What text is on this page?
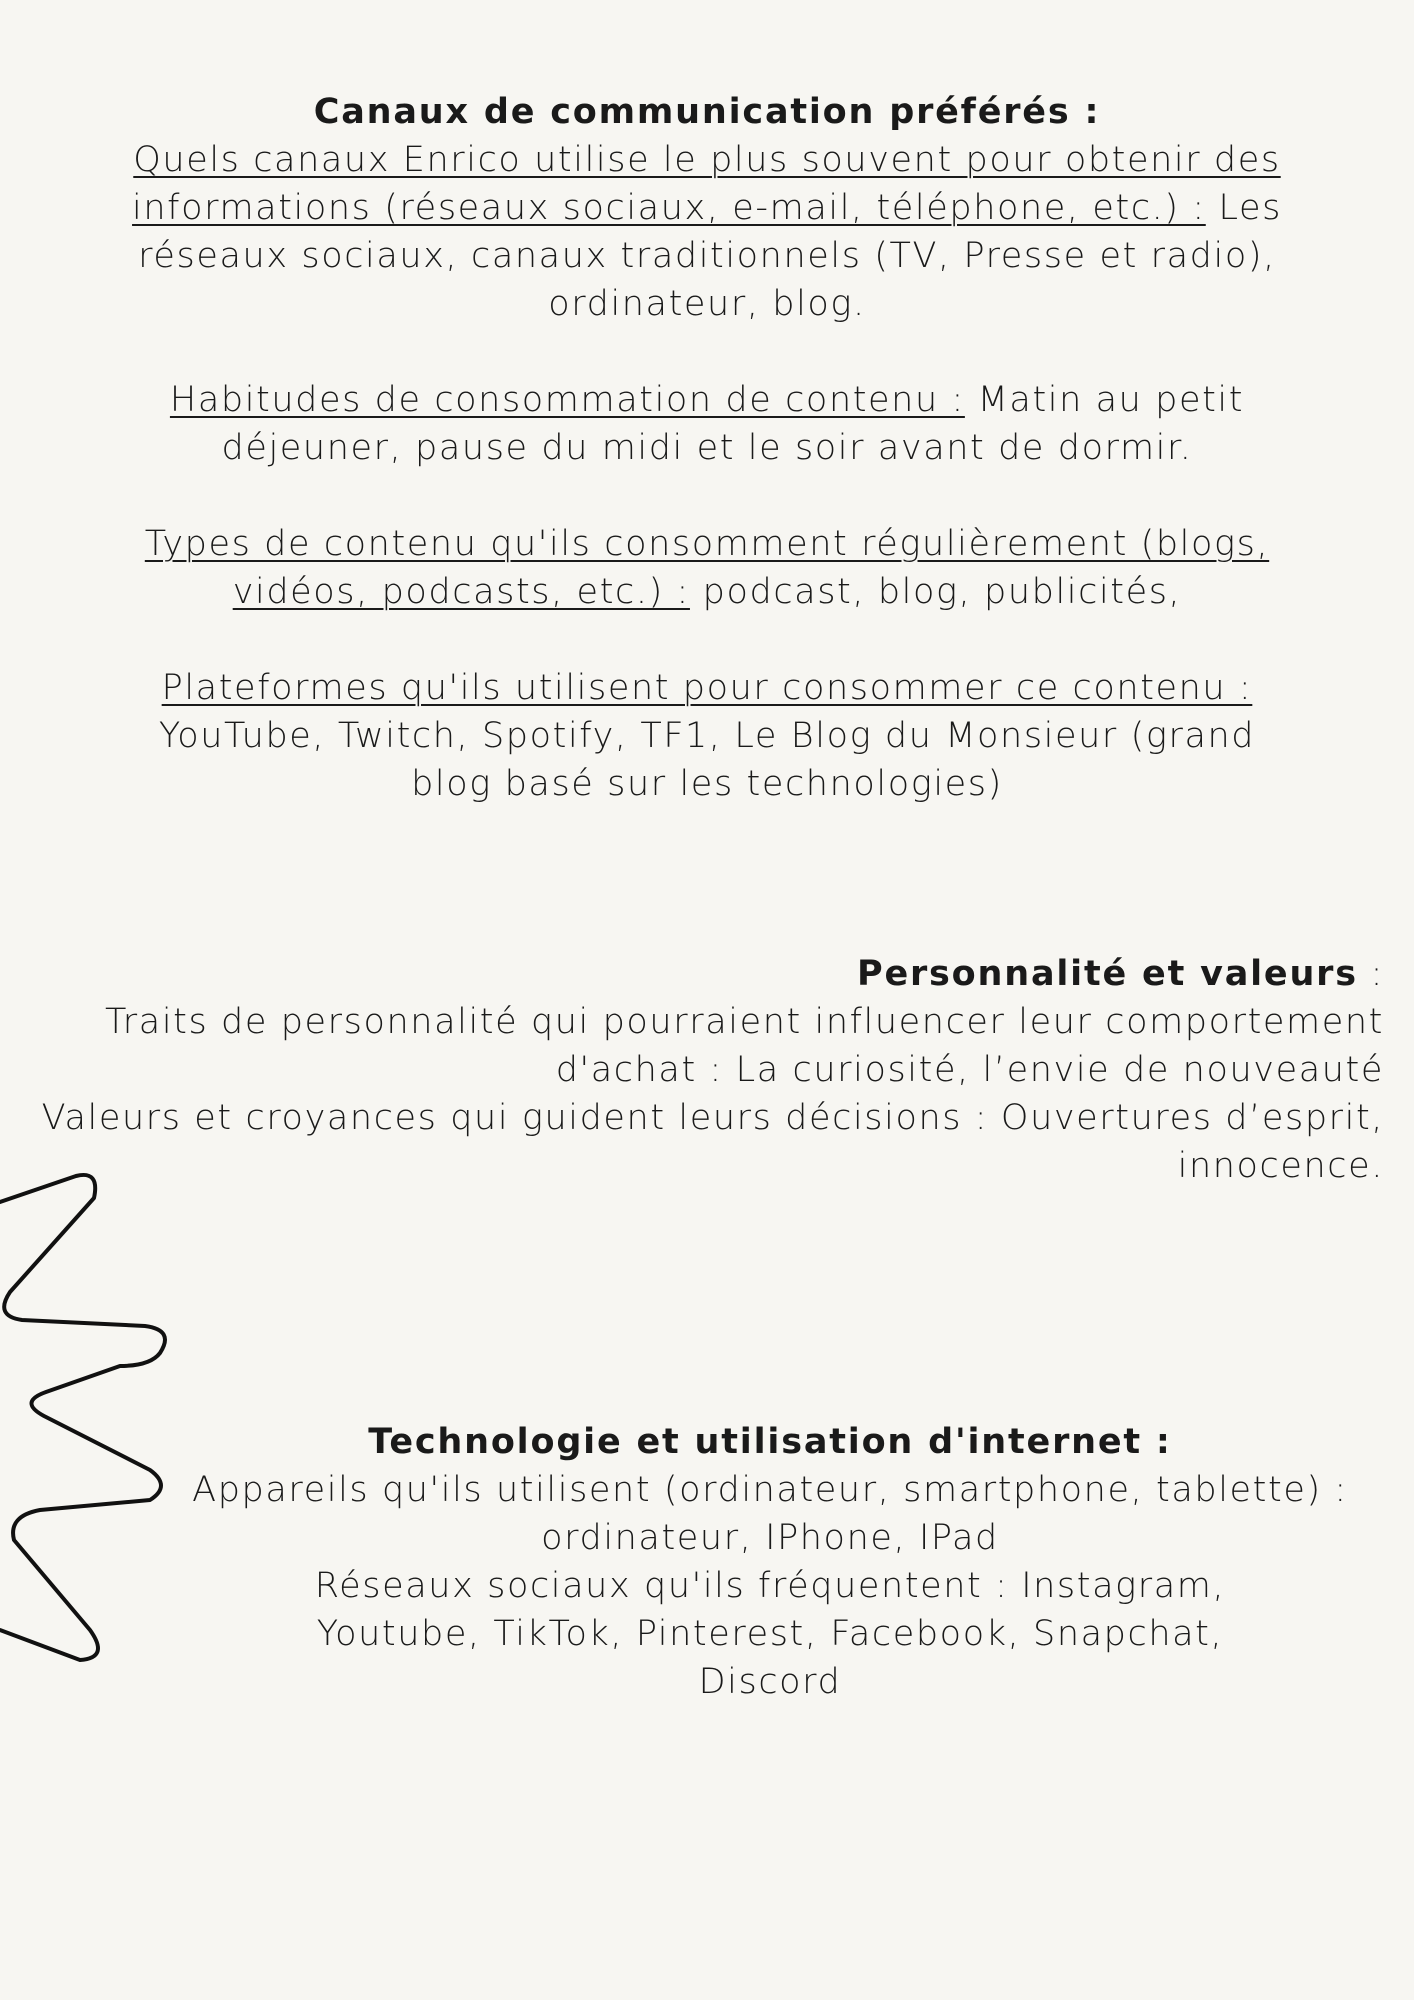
Canaux de communication préférés :

Quels canaux Enrico utilise le plus souvent pour obtenir des informations (réseaux sociaux, e-mail, téléphone, etc.) : Les réseaux sociaux, canaux traditionnels (TV, Presse et radio), ordinateur, blog.

Habitudes de consommation de contenu : Matin au petit déjeuner, pause du midi et le soir avant de dormir.

Types de contenu qu'ils consomment régulièrement (blogs, vidéos, podcasts, etc.) : podcast, blog, publicités,

Plateformes qu'ils utilisent pour consommer ce contenu :
YouTube, Twitch, Spotify, TF1, Le Blog du Monsieur (grand blog basé sur les technologies)

Personnalité et valeurs :

Traits de personnalité qui pourraient influencer leur comportement

d'achat : La curiosité, l’envie de nouveauté

Valeurs et croyances qui guident leurs décisions : Ouvertures d’esprit,

innocence.

Technologie et utilisation d'internet :

Appareils qu'ils utilisent (ordinateur, smartphone, tablette) : ordinateur, IPhone, IPad

Réseaux sociaux qu'ils fréquentent : Instagram, Youtube, TikTok, Pinterest, Facebook, Snapchat, Discord
